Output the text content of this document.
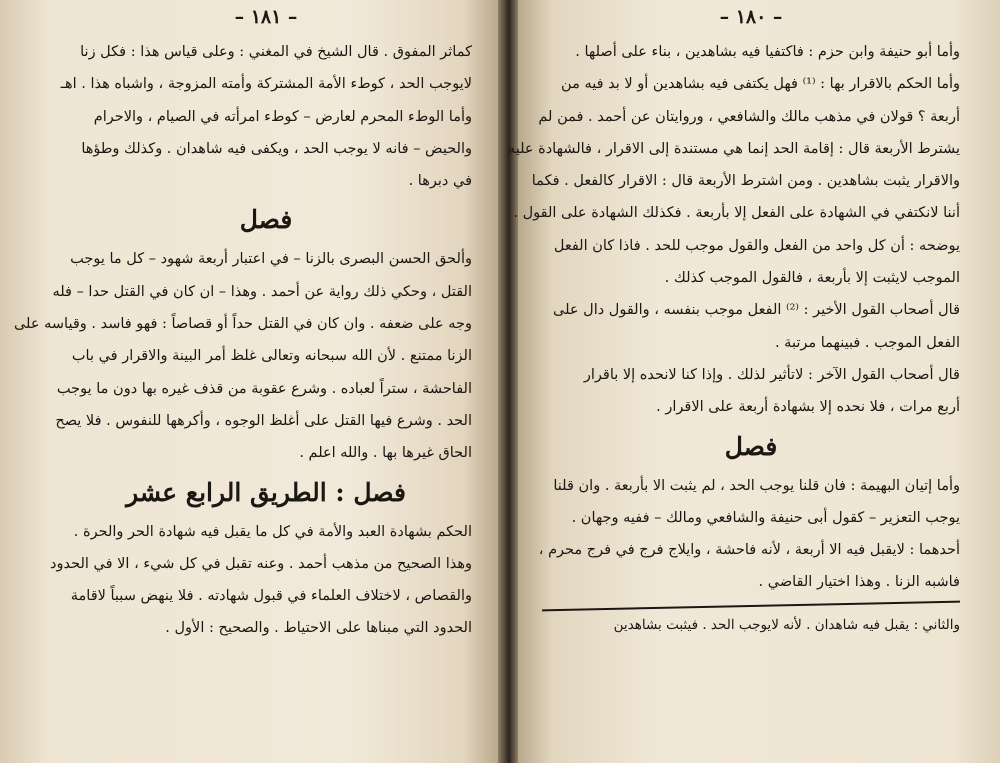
– ١٨١ –
كماثر المفوق . قال الشيخ في المغني : وعلى قياس هذا : فكل زنا
لايوجب الحد ، كوطء الأمة المشتركة وأمته المزوجة ، واشباه هذا . اهـ
وأما الوطء المحرم لعارض – كوطء امرأته في الصيام ، والاحرام
والحيض – فانه لا يوجب الحد ، ويكفى فيه شاهدان . وكذلك وطؤها
في دبرها .
فصل
وألحق الحسن البصرى بالزنا – في اعتبار أربعة شهود – كل ما يوجب
القتل ، وحكي ذلك رواية عن أحمد . وهذا – ان كان في القتل حدا – فله
وجه على ضعفه . وان كان في القتل حداً أو قصاصاً : فهو فاسد . وقياسه على
الزنا ممتنع . لأن الله سبحانه وتعالى غلظ أمر البينة والاقرار في باب
الفاحشة ، ستراً لعباده . وشرع عقوبة من قذف غيره بها دون ما يوجب
الحد . وشرع فيها القتل على أغلظ الوجوه ، وأكرهها للنفوس . فلا يصح
الحاق غيرها بها . والله اعلم .
فصل : الطريق الرابع عشر
الحكم بشهادة العبد والأمة في كل ما يقبل فيه شهادة الحر والحرة .
وهذا الصحيح من مذهب أحمد . وعنه تقبل في كل شيء ، الا في الحدود
والقصاص ، لاختلاف العلماء في قبول شهادته . فلا ينهض سبباً لاقامة
الحدود التي مبناها على الاحتياط . والصحيح : الأول .
– ١٨٠ –
وأما أبو حنيفة وابن حزم : فاكتفيا فيه بشاهدين ، بناء على أصلها .
وأما الحكم بالاقرار بها : ⁽¹⁾ فهل يكتفى فيه بشاهدين أو لا بد فيه من
أربعة ؟ قولان في مذهب مالك والشافعي ، وروايتان عن أحمد . فمن لم
يشترط الأربعة قال : إقامة الحد إنما هي مستندة إلى الاقرار ، فالشهادة عليه
والاقرار يثبت بشاهدين . ومن اشترط الأربعة قال : الاقرار كالفعل . فكما
أننا لانكتفي في الشهادة على الفعل إلا بأربعة . فكذلك الشهادة على القول .
يوضحه : أن كل واحد من الفعل والقول موجب للحد . فاذا كان الفعل
الموجب لايثبت إلا بأربعة ، فالقول الموجب كذلك .
قال أصحاب القول الأخير : ⁽²⁾ الفعل موجب بنفسه ، والقول دال على
الفعل الموجب . فبينهما مرتبة .
قال أصحاب القول الآخر : لاتأثير لذلك . وإذا كنا لانحده إلا باقرار
أربع مرات ، فلا نحده إلا بشهادة أربعة على الاقرار .
فصل
وأما إتيان البهيمة : فان قلنا يوجب الحد ، لم يثبت الا بأربعة . وان قلنا
يوجب التعزير – كقول أبى حنيفة والشافعي ومالك – ففيه وجهان .
أحدهما : لايقبل فيه الا أربعة ، لأنه فاحشة ، وايلاج فرج في فرج محرم ،
فاشبه الزنا . وهذا اختيار القاضي .
والثاني : يقبل فيه شاهدان . لأنه لايوجب الحد . فيثبت بشاهدين
